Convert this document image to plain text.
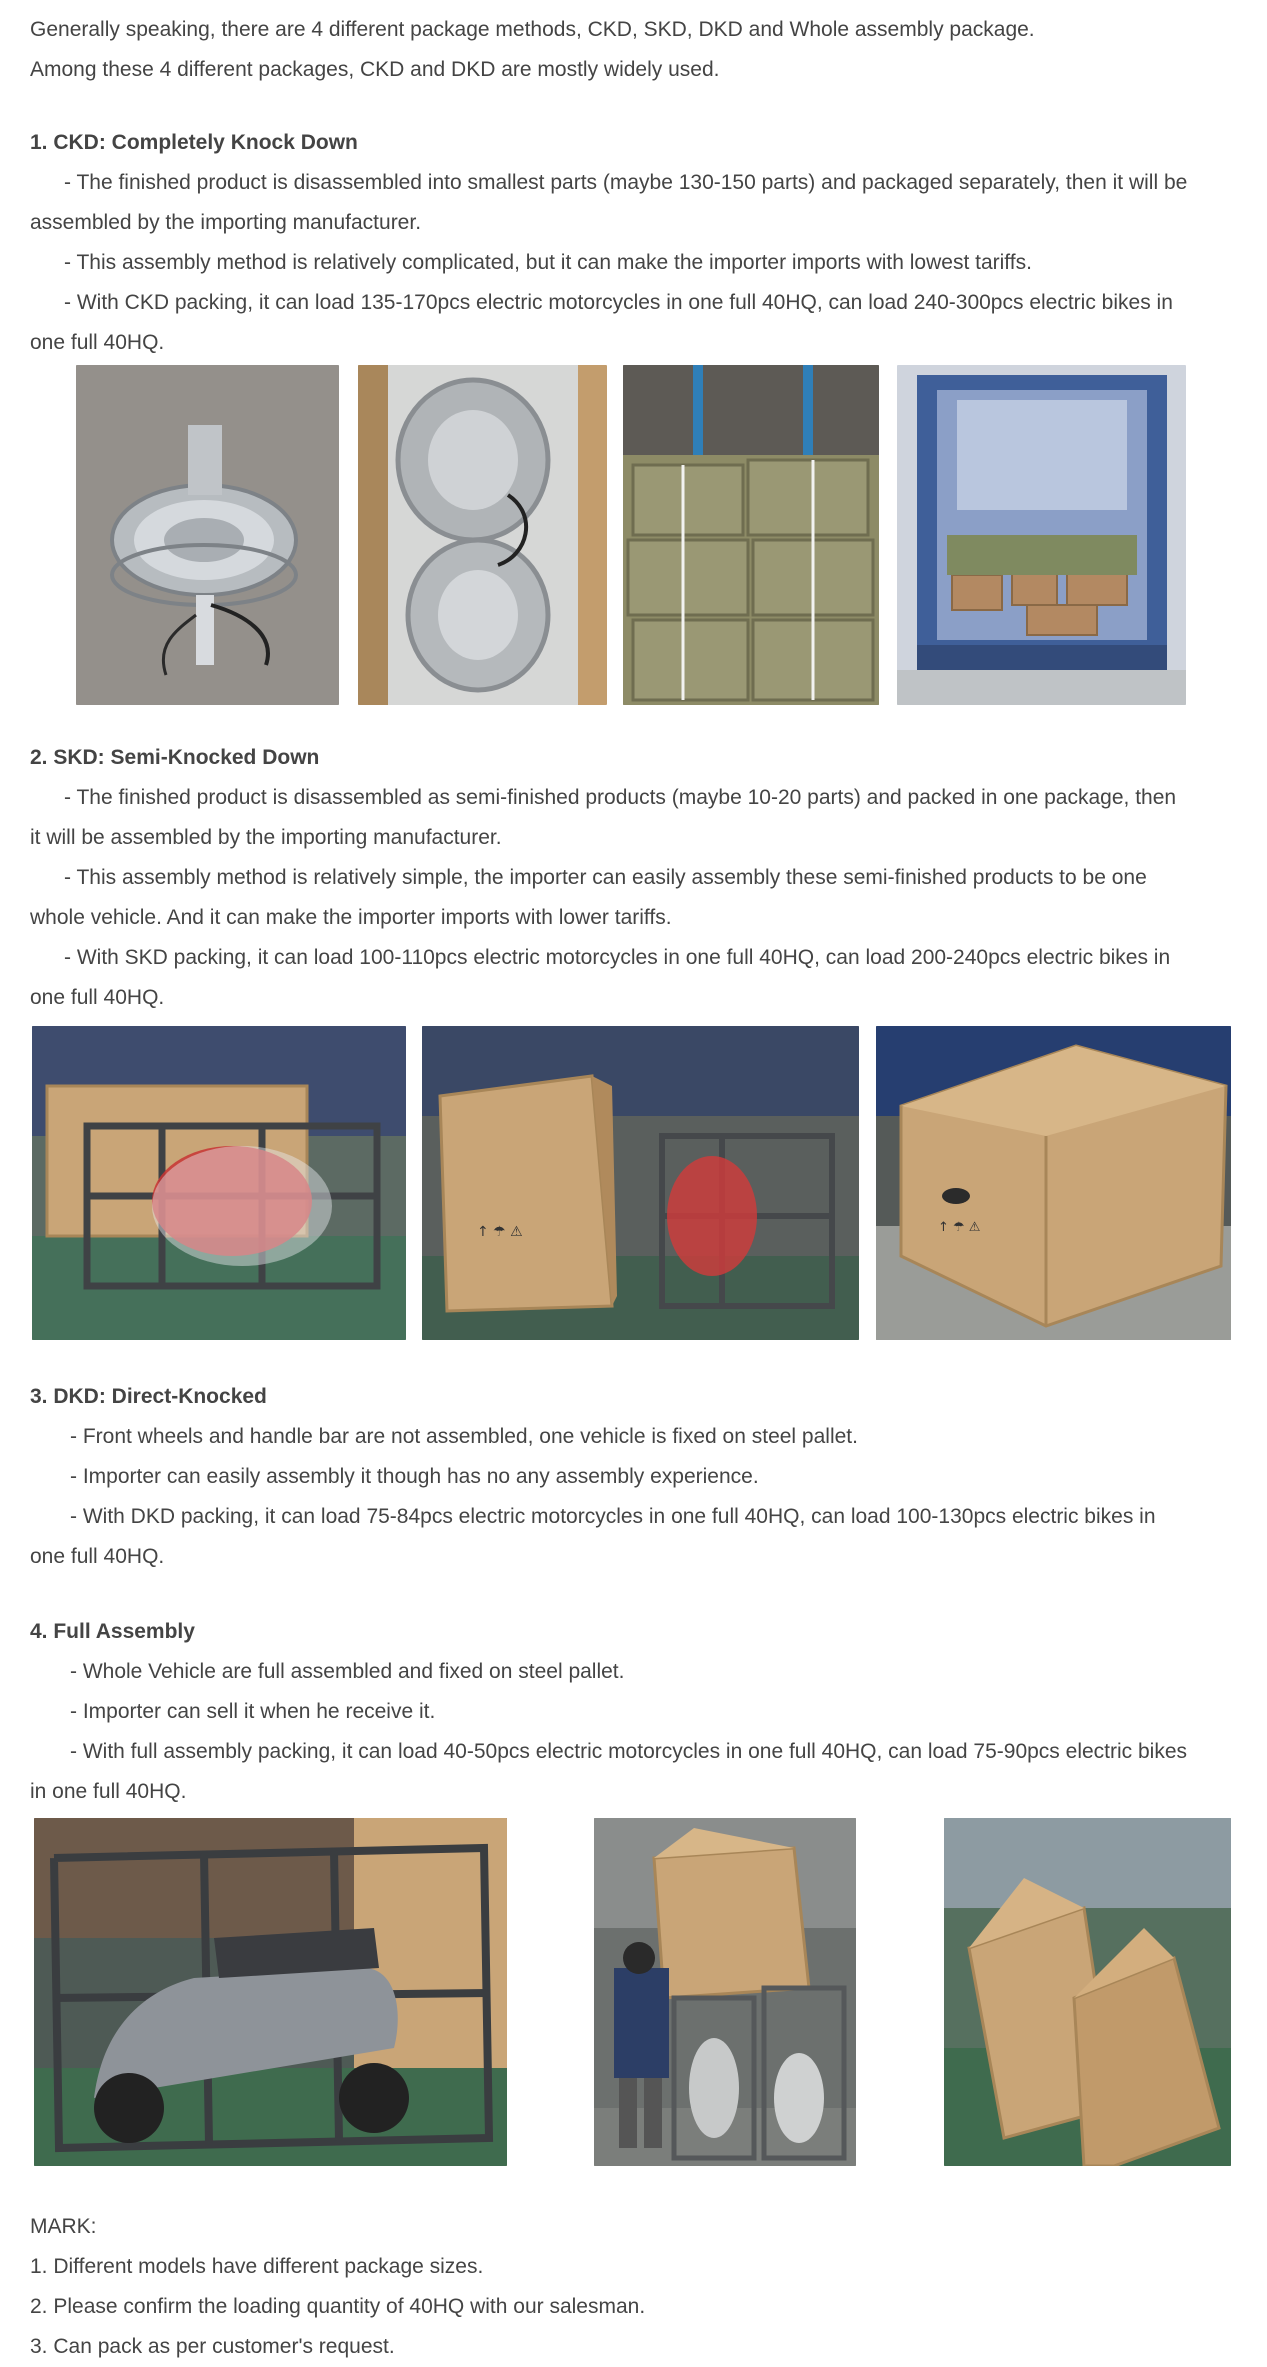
Generally speaking, there are 4 different package methods, CKD, SKD, DKD and Whole assembly package.
Among these 4 different packages, CKD and DKD are mostly widely used.
1. CKD: Completely Knock Down
- The finished product is disassembled into smallest parts (maybe 130-150 parts) and packaged separately, then it will be
assembled by the importing manufacturer.
- This assembly method is relatively complicated, but it can make the importer imports with lowest tariffs.
- With CKD packing, it can load 135-170pcs electric motorcycles in one full 40HQ, can load 240-300pcs electric bikes in
one full 40HQ.
2. SKD: Semi-Knocked Down
- The finished product is disassembled as semi-finished products (maybe 10-20 parts) and packed in one package, then
it will be assembled by the importing manufacturer.
- This assembly method is relatively simple, the importer can easily assembly these semi-finished products to be one
whole vehicle. And it can make the importer imports with lower tariffs.
- With SKD packing, it can load 100-110pcs electric motorcycles in one full 40HQ, can load 200-240pcs electric bikes in
one full 40HQ.
↑ ☂ ⚠	↑ ☂ ⚠
3. DKD: Direct-Knocked
- Front wheels and handle bar are not assembled, one vehicle is fixed on steel pallet.
- Importer can easily assembly it though has no any assembly experience.
- With DKD packing, it can load 75-84pcs electric motorcycles in one full 40HQ, can load 100-130pcs electric bikes in
one full 40HQ.
4. Full Assembly
- Whole Vehicle are full assembled and fixed on steel pallet.
- Importer can sell it when he receive it.
- With full assembly packing, it can load 40-50pcs electric motorcycles in one full 40HQ, can load 75-90pcs electric bikes
in one full 40HQ.
MARK:
1. Different models have different package sizes.
2. Please confirm the loading quantity of 40HQ with our salesman.
3. Can pack as per customer's request.
